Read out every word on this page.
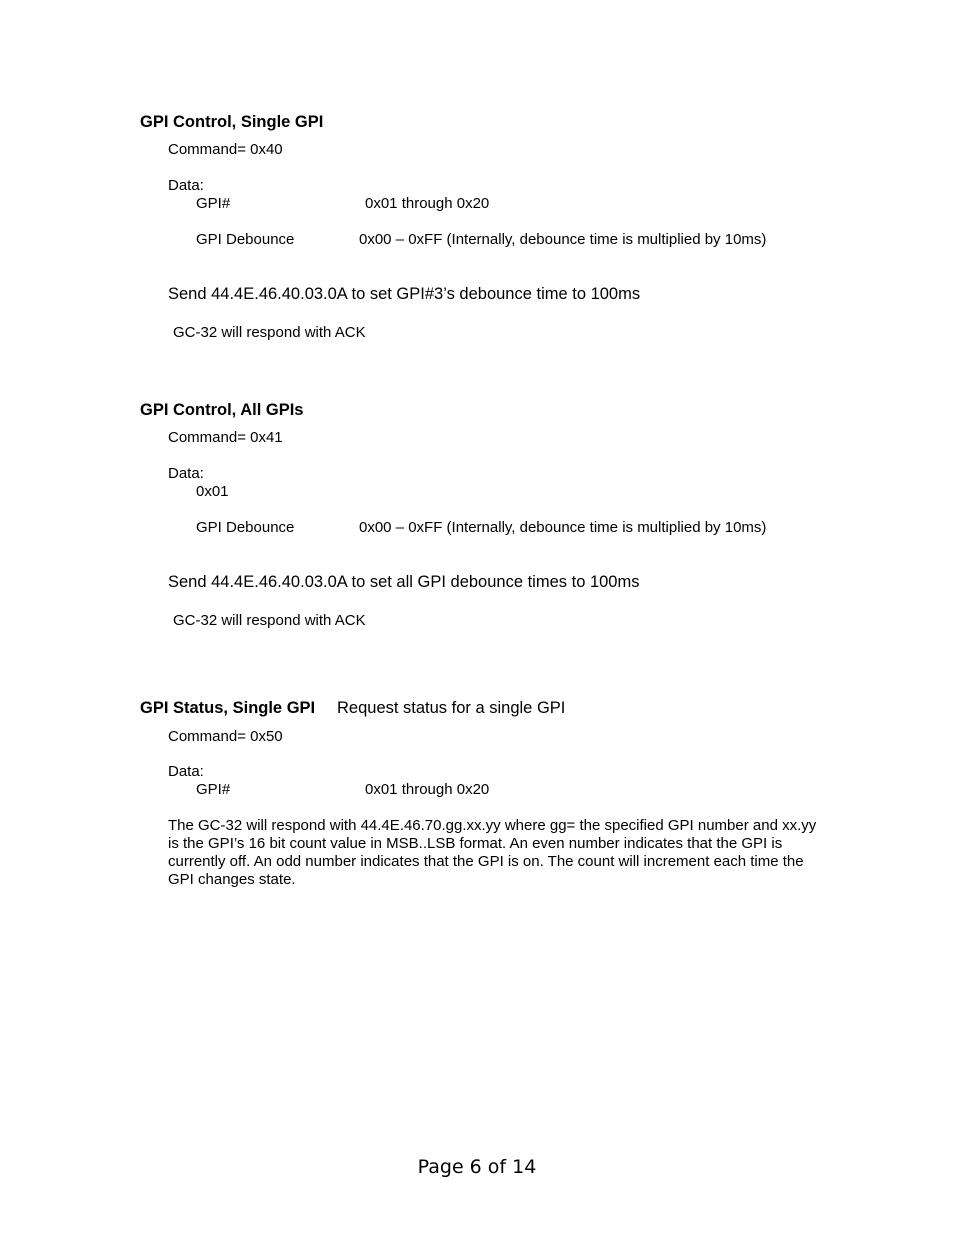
GPI Control, Single GPI
Command= 0x40
Data:
GPI#	0x01 through 0x20
GPI Debounce	0x00 – 0xFF (Internally, debounce time is multiplied by 10ms)
Send 44.4E.46.40.03.0A to set GPI#3’s debounce time to 100ms
GC-32 will respond with ACK
GPI Control, All GPIs
Command= 0x41
Data:
0x01
GPI Debounce	0x00 – 0xFF (Internally, debounce time is multiplied by 10ms)
Send 44.4E.46.40.03.0A to set all GPI debounce times to 100ms
GC-32 will respond with ACK
GPI Status, Single GPI Request status for a single GPI
Command= 0x50
Data:
GPI#	0x01 through 0x20
The GC-32 will respond with 44.4E.46.70.gg.xx.yy where gg= the specified GPI number and xx.yy is the GPI’s 16 bit count value in MSB..LSB format. An even number indicates that the GPI is currently off. An odd number indicates that the GPI is on. The count will increment each time the GPI changes state.
Page 6 of 14
